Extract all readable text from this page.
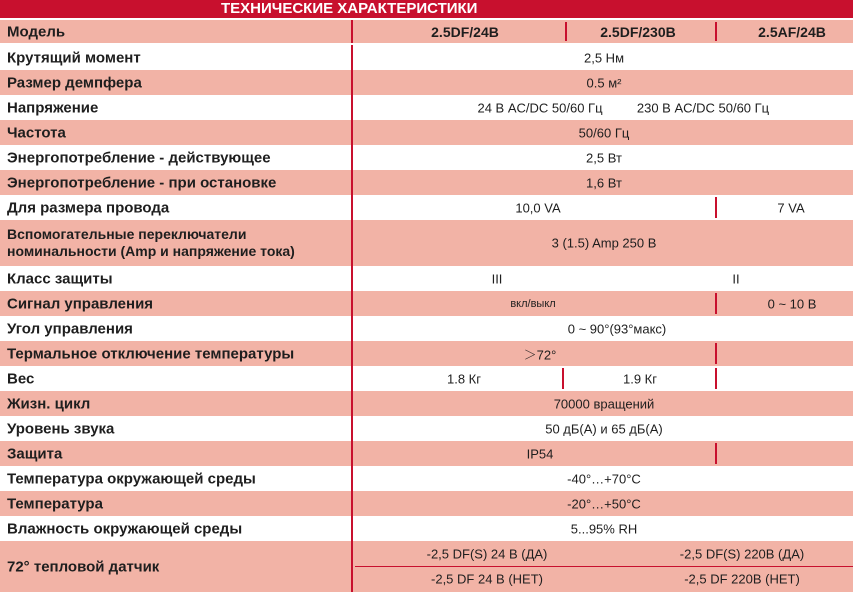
ТЕХНИЧЕСКИЕ ХАРАКТЕРИСТИКИ
Модель	2.5DF/24B	2.5DF/230B	2.5AF/24B
Крутящий момент	2,5 Нм
Размер демпфера	0.5 м²
Напряжение	24 В AC/DC 50/60 Гц	230 В AC/DC 50/60 Гц
Частота	50/60 Гц
Энергопотребление - действующее	2,5 Вт
Энергопотребление - при остановке	1,6 Вт
Для размера провода	10,0 VA	7 VA
Вспомогательные переключатели номинальности (Amp и напряжение тока)	3 (1.5) Amp 250 В
Класс защиты	III	II
Сигнал управления	вкл/выкл	0 ~ 10 В
Угол управления	0 ~ 90°(93°макс)
Термальное отключение температуры	＞72°
Вес	1.8 Кг	1.9 Кг
Жизн. цикл	70000 вращений
Уровень звука	50 дБ(А) и 65 дБ(А)
Защита	IP54
Температура окружающей среды	-40°…+70°C
Температура	-20°…+50°C
Влажность окружающей среды	5...95% RH
72° тепловой датчик
-2,5 DF(S) 24 В (ДА)	-2,5 DF(S) 220В (ДА)
-2,5 DF 24 В (НЕТ)	-2,5 DF 220В (НЕТ)
